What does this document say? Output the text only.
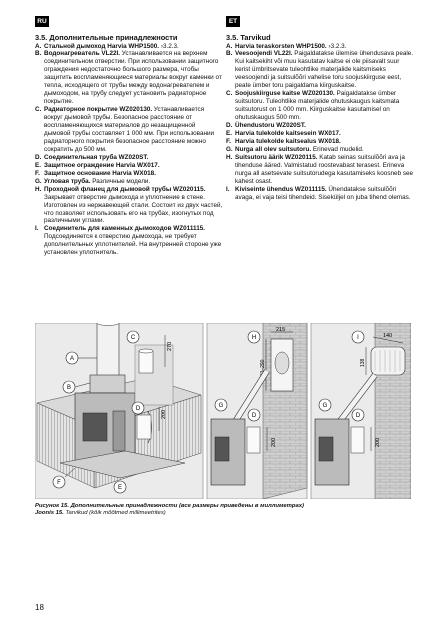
RU	ET
3.5. Дополнительные принадлежности
A. Стальной дымоход Harvia WHP1500. ›3.2.3.
B. Водонагреватель VL22I. Устанавливается на верхнем соединительном отверстии. При использовании защитного ограждения недостаточно большого размера, чтобы защитить воспламеняющиеся материалы вокруг каменки от тепла, исходящего от трубы между водонагревателем и дымоходом, на трубу следует установить радиаторное покрытие.
C. Радиаторное покрытие WZ020130. Устанавливается вокруг дымовой трубы. Безопасное расстояние от воспламеняющихся материалов до незащищенной дымовой трубы составляет 1 000 мм. При использовании радиаторного покрытия безопасное расстояние можно сократить до 500 мм.
D. Соединительная труба WZ020ST.
E. Защитное ограждение Harvia WX017.
F. Защитное основание Harvia WX018.
G. Угловая труба. Различные модели.
H. Проходной фланец для дымовой трубы WZ020115. Закрывает отверстие дымохода и уплотнение в стене. Изготовлен из нержавеющей стали. Состоит из двух частей, что позволяет использовать его на трубах, изогнутых под различными углами.
I. Соединитель для каменных дымоходов WZ011115. Подсоединяется к отверстию дымохода, не требует дополнительных уплотнителей. На внутренней стороне уже установлен уплотнитель.
3.5. Tarvikud
A. Harvia teraskorsten WHP1500. ›3.2.3.
B. Veesoojendi VL22I. Paigaldatakse ülemise ühendusava peale. Kui kaitsekiht või muu kasutatav kaitse ei ole piisavalt suur kerist ümbritsevate tuleohtlike materjalide kaitsmiseks veesoojendi ja suitsulõõri vahelise toru soojuskiirguse eest, peate ümber toru paigaldama kiirguskaitse.
C. Soojuskiirguse kaitse WZ020130. Paigaldatakse ümber suitsutoru. Tuleohtlike materjalide ohutuskaugus kaitsmata suitsutorust on 1 000 mm. Kiirguskaitse kasutamisel on ohutuskaugus 500 mm.
D. Ühendustoru WZ020ST.
E. Harvia tulekolde kaitsesein WX017.
F. Harvia tulekolde kaitsealus WX018.
G. Nurga all olev suitsutoru. Erinevad mudelid.
H. Suitsutoru äärik WZ020115. Katab seinas suitsulõõri ava ja tihenduse ääred. Valmistatud roostevabast terasest. Erineva nurga all asetsevate suitsutorudega kasutamiseks koosneb see kahest osast.
I. Kiviseinte ühendus WZ011115. Ühendatakse suitsulõõri avaga, ei vaja teisi tihendeid. Siseküljel on juba tihend olemas.
270
200
A
B
C
D
E
F
215
210–290
200
H
G
D
140
138
200
I
G
D
Рисунок 15. Дополнительные принадлежности (все размеры приведены в миллиметрах)
Joonis 15. Tarvikud (kõik mõõtmed millimeetrites)
18
